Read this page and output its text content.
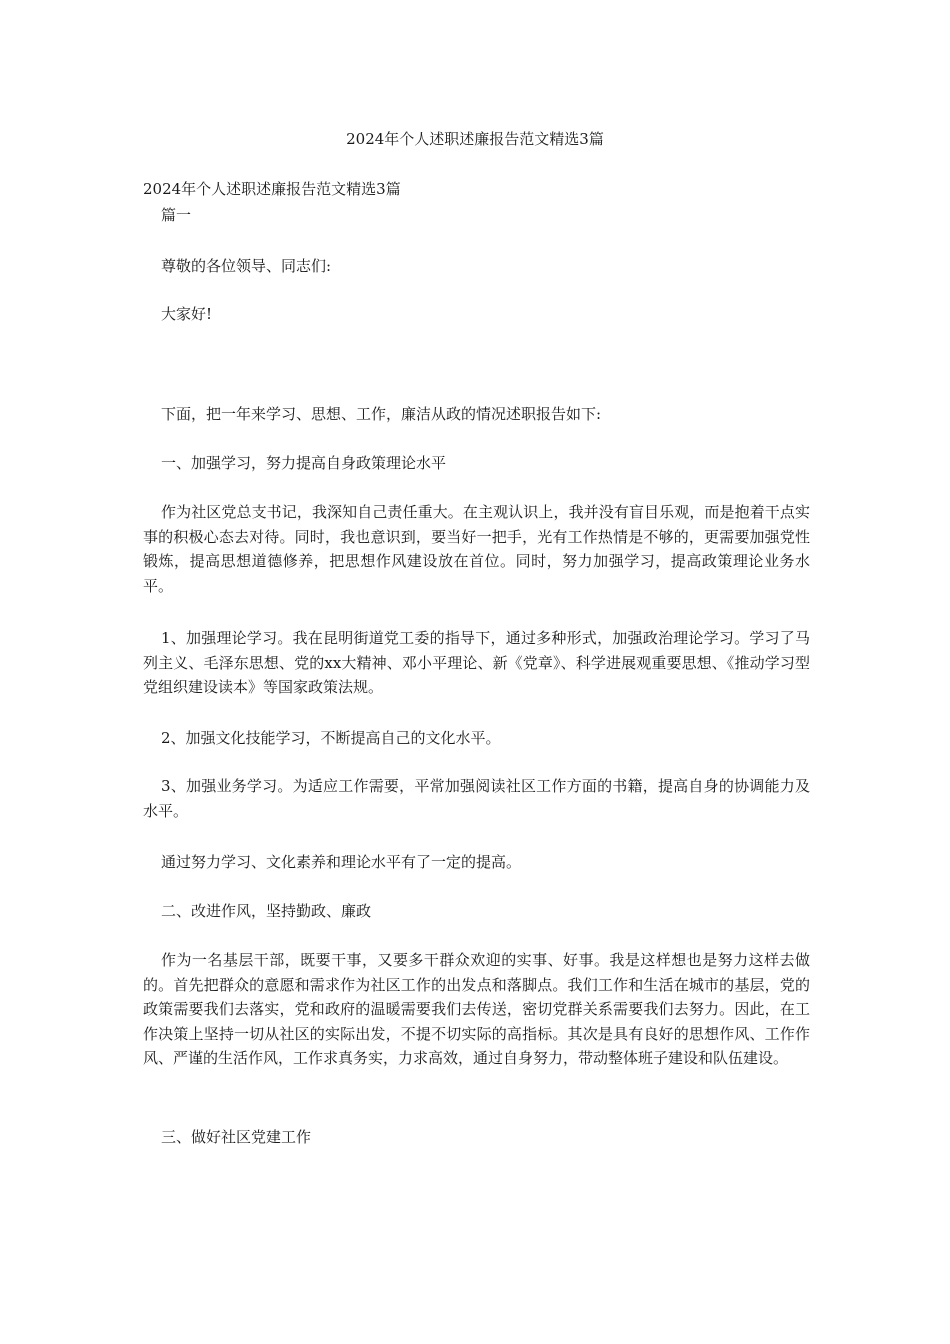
2024年个人述职述廉报告范文精选3篇

2024年个人述职述廉报告范文精选3篇

篇一

尊敬的各位领导、同志们:

大家好!

下面，把一年来学习、思想、工作，廉洁从政的情况述职报告如下:

一、加强学习，努力提高自身政策理论水平

作为社区党总支书记，我深知自己责任重大。在主观认识上，我并没有盲目乐观，而是抱着干点实事的积极心态去对待。同时，我也意识到，要当好一把手，光有工作热情是不够的，更需要加强党性锻炼，提高思想道德修养，把思想作风建设放在首位。同时，努力加强学习，提高政策理论业务水平。

1、加强理论学习。我在昆明街道党工委的指导下，通过多种形式，加强政治理论学习。学习了马列主义、毛泽东思想、党的xx大精神、邓小平理论、新《党章》、科学进展观重要思想、《推动学习型党组织建设读本》等国家政策法规。

2、加强文化技能学习，不断提高自己的文化水平。

3、加强业务学习。为适应工作需要，平常加强阅读社区工作方面的书籍，提高自身的协调能力及水平。

通过努力学习、文化素养和理论水平有了一定的提高。

二、改进作风，坚持勤政、廉政

作为一名基层干部，既要干事，又要多干群众欢迎的实事、好事。我是这样想也是努力这样去做的。首先把群众的意愿和需求作为社区工作的出发点和落脚点。我们工作和生活在城市的基层，党的政策需要我们去落实，党和政府的温暖需要我们去传送，密切党群关系需要我们去努力。因此，在工作决策上坚持一切从社区的实际出发，不提不切实际的高指标。其次是具有良好的思想作风、工作作风、严谨的生活作风，工作求真务实，力求高效，通过自身努力，带动整体班子建设和队伍建设。

三、做好社区党建工作
